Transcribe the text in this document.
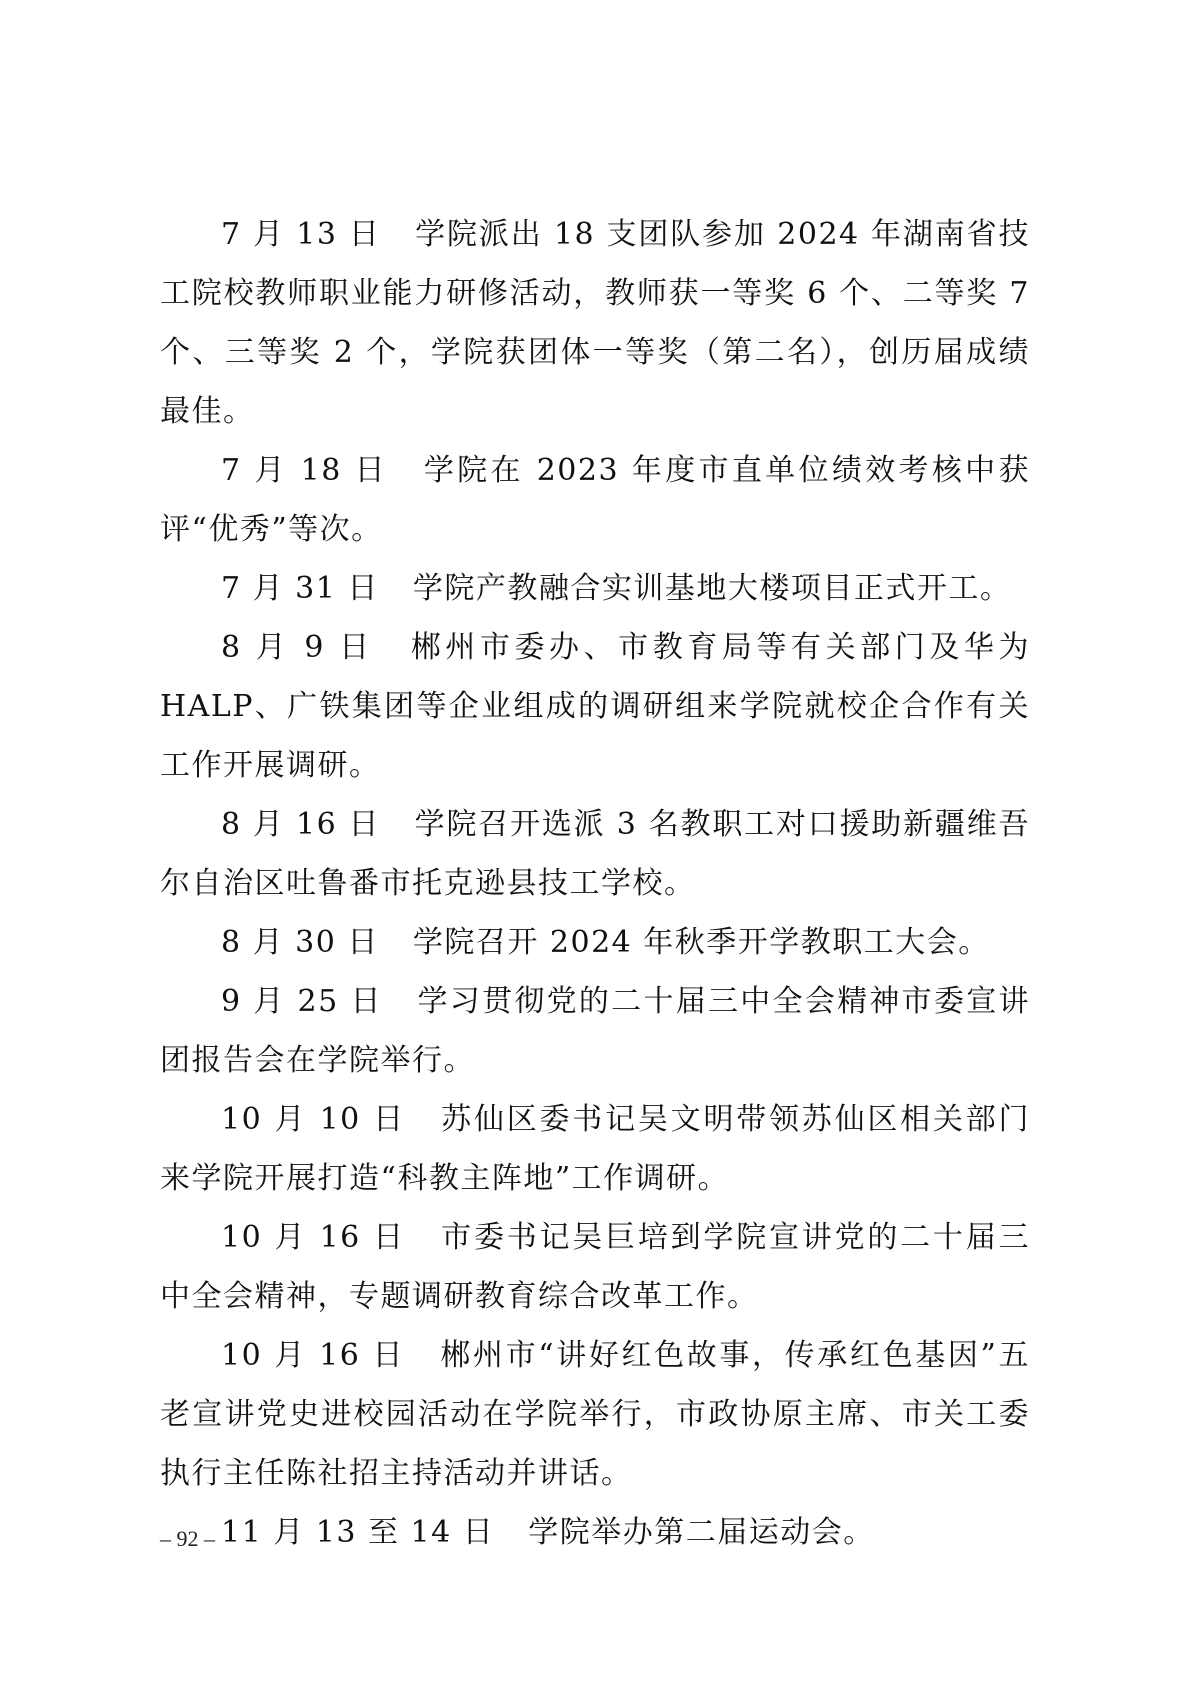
7 月 13 日 学院派出 18 支团队参加 2024 年湖南省技工院校教师职业能力研修活动，教师获一等奖 6 个、二等奖 7 个、三等奖 2 个，学院获团体一等奖（第二名），创历届成绩最佳。

7 月 18 日 学院在 2023 年度市直单位绩效考核中获评“优秀”等次。

7 月 31 日 学院产教融合实训基地大楼项目正式开工。

8 月 9 日 郴州市委办、市教育局等有关部门及华为 HALP、广铁集团等企业组成的调研组来学院就校企合作有关工作开展调研。

8 月 16 日 学院召开选派 3 名教职工对口援助新疆维吾尔自治区吐鲁番市托克逊县技工学校。

8 月 30 日 学院召开 2024 年秋季开学教职工大会。

9 月 25 日 学习贯彻党的二十届三中全会精神市委宣讲团报告会在学院举行。

10 月 10 日 苏仙区委书记吴文明带领苏仙区相关部门来学院开展打造“科教主阵地”工作调研。

10 月 16 日 市委书记吴巨培到学院宣讲党的二十届三中全会精神，专题调研教育综合改革工作。

10 月 16 日 郴州市“讲好红色故事，传承红色基因”五老宣讲党史进校园活动在学院举行，市政协原主席、市关工委执行主任陈社招主持活动并讲话。

11 月 13 至 14 日 学院举办第二届运动会。

– 92 –
